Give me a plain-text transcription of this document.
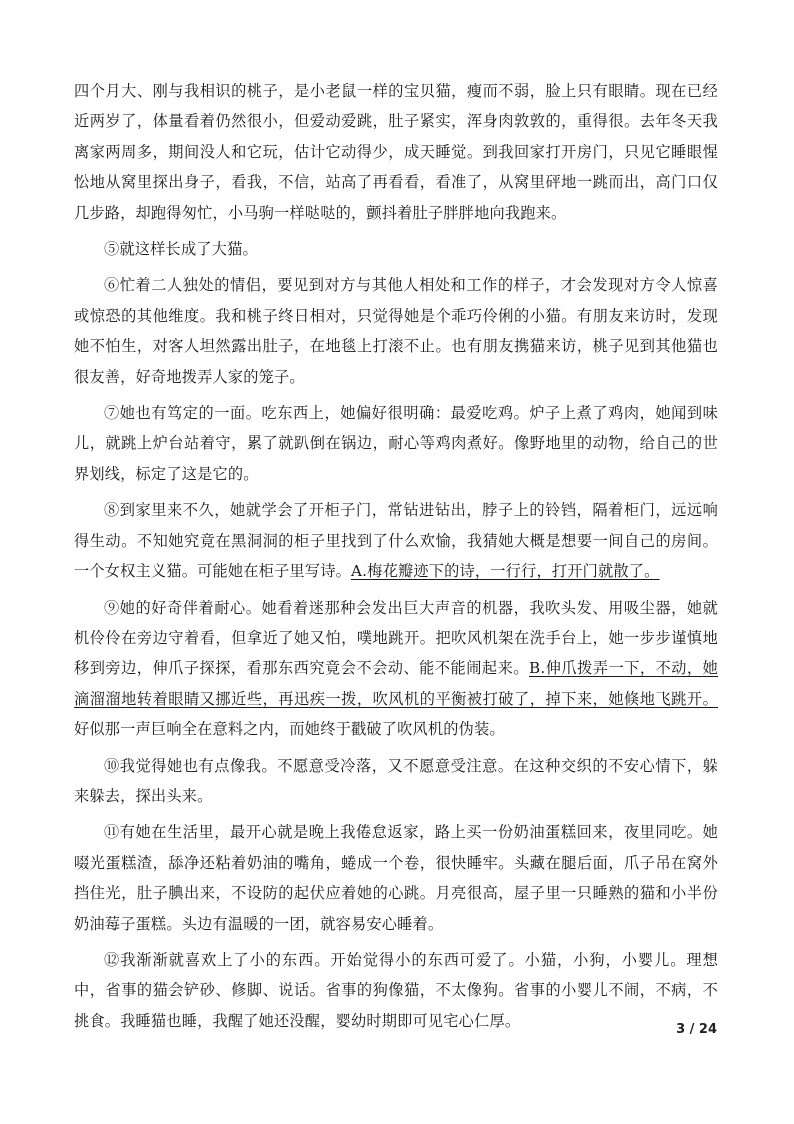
四个月大、刚与我相识的桃子，是小老鼠一样的宝贝猫，瘦而不弱，脸上只有眼睛。现在已经近两岁了，体量看着仍然很小，但爱动爱跳，肚子紧实，浑身肉敦敦的，重得很。去年冬天我离家两周多，期间没人和它玩，估计它动得少，成天睡觉。到我回家打开房门，只见它睡眼惺忪地从窝里探出身子，看我，不信，站高了再看看，看准了，从窝里砰地一跳而出，高门口仅几步路，却跑得匆忙，小马驹一样哒哒的，颤抖着肚子胖胖地向我跑来。

⑤就这样长成了大猫。

⑥忙着二人独处的情侣，要见到对方与其他人相处和工作的样子，才会发现对方令人惊喜或惊恐的其他维度。我和桃子终日相对，只觉得她是个乖巧伶俐的小猫。有朋友来访时，发现她不怕生，对客人坦然露出肚子，在地毯上打滚不止。也有朋友携猫来访，桃子见到其他猫也很友善，好奇地拨弄人家的笼子。

⑦她也有笃定的一面。吃东西上，她偏好很明确：最爱吃鸡。炉子上煮了鸡肉，她闻到味儿，就跳上炉台站着守，累了就趴倒在锅边，耐心等鸡肉煮好。像野地里的动物，给自己的世界划线，标定了这是它的。

⑧到家里来不久，她就学会了开柜子门，常钻进钻出，脖子上的铃铛，隔着柜门，远远响得生动。不知她究竟在黑洞洞的柜子里找到了什么欢愉，我猜她大概是想要一间自己的房间。一个女权主义猫。可能她在柜子里写诗。A.梅花瓣迹下的诗，一行行，打开门就散了。

⑨她的好奇伴着耐心。她看着迷那种会发出巨大声音的机器，我吹头发、用吸尘器，她就机伶伶在旁边守着看，但拿近了她又怕，噗地跳开。把吹风机架在洗手台上，她一步步谨慎地移到旁边，伸爪子探探，看那东西究竟会不会动、能不能闹起来。B.伸爪拨弄一下，不动，她滴溜溜地转着眼睛又挪近些，再迅疾一拨，吹风机的平衡被打破了，掉下来，她倏地飞跳开。好似那一声巨响全在意料之内，而她终于戳破了吹风机的伪装。

⑩我觉得她也有点像我。不愿意受冷落，又不愿意受注意。在这种交织的不安心情下，躲来躲去，探出头来。

⑪有她在生活里，最开心就是晚上我倦怠返家，路上买一份奶油蛋糕回来，夜里同吃。她啜光蛋糕渣，舔净还粘着奶油的嘴角，蜷成一个卷，很快睡牢。头藏在腿后面，爪子吊在窝外挡住光，肚子腆出来，不设防的起伏应着她的心跳。月亮很高，屋子里一只睡熟的猫和小半份奶油莓子蛋糕。头边有温暖的一团，就容易安心睡着。

⑫我渐渐就喜欢上了小的东西。开始觉得小的东西可爱了。小猫，小狗，小婴儿。理想中，省事的猫会铲砂、修脚、说话。省事的狗像猫，不太像狗。省事的小婴儿不闹，不病，不挑食。我睡猫也睡，我醒了她还没醒，婴幼时期即可见宅心仁厚。	3 / 24
